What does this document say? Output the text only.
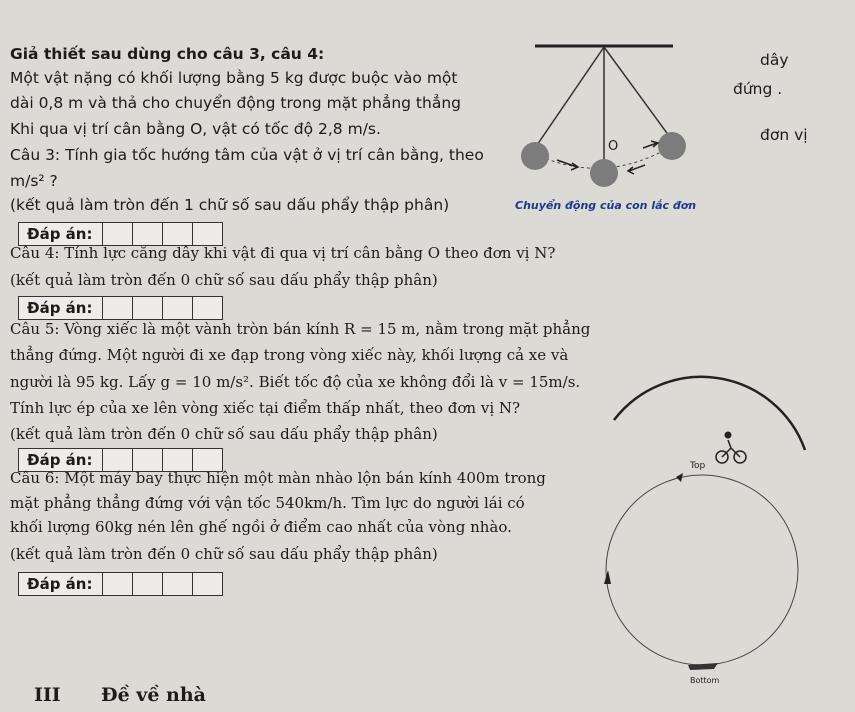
Giả thiết sau dùng cho câu 3, câu 4:
Một vật nặng có khối lượng bằng 5 kg được buộc vào một
dây
dài 0,8 m và thả cho chuyển động trong mặt phẳng thẳng
đứng .
Khi qua vị trí cân bằng O, vật có tốc độ 2,8 m/s.
Câu 3: Tính gia tốc hướng tâm của vật ở vị trí cân bằng, theo
đơn vị
m/s² ?
(kết quả làm tròn đến 1 chữ số sau dấu phẩy thập phân)
Đáp án:
O
Chuyển động của con lắc đơn
Câu 4: Tính lực căng dây khi vật đi qua vị trí cân bằng O theo đơn vị N?
(kết quả làm tròn đến 0 chữ số sau dấu phẩy thập phân)
Đáp án:
Câu 5: Vòng xiếc là một vành tròn bán kính R = 15 m, nằm trong mặt phẳng
thẳng đứng. Một người đi xe đạp trong vòng xiếc này, khối lượng cả xe và
người là 95 kg. Lấy g = 10 m/s². Biết tốc độ của xe không đổi là v = 15m/s.
Tính lực ép của xe lên vòng xiếc tại điểm thấp nhất, theo đơn vị N?
(kết quả làm tròn đến 0 chữ số sau dấu phẩy thập phân)
Đáp án:
Câu 6: Một máy bay thực hiện một màn nhào lộn bán kính 400m trong
mặt phẳng thẳng đứng với vận tốc 540km/h. Tìm lực do người lái có
khối lượng 60kg nén lên ghế ngồi ở điểm cao nhất của vòng nhào.
(kết quả làm tròn đến 0 chữ số sau dấu phẩy thập phân)
Đáp án:
Top
Bottom
III Đề về nhà
